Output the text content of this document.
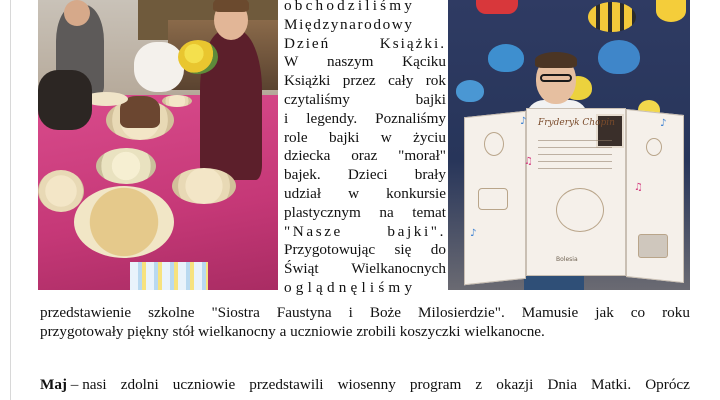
obchodziliśmy
Międzynarodowy
Dzień	Książki.
W naszym Kąciku
Książki przez cały rok
czytaliśmy	bajki
i legendy. Poznaliśmy
role bajki w życiu
dziecka oraz "morał"
bajek. Dzieci brały
udział w konkursie
plastycznym na temat
"Nasze	bajki".
Przygotowując się do
Świąt Wielkanocnych
oglądnęliśmy
Fryderyk Chopin
Bolesia
♪
♫
♪
♫
♪
przedstawienie szkolne "Siostra Faustyna i Boże Milosierdzie". Mamusie jak co roku
przygotowały piękny stół wielkanocny a uczniowie zrobili koszyczki wielkanocne.
Maj – nasi zdolni uczniowie przedstawili wiosenny program z okazji Dnia Matki. Oprócz
